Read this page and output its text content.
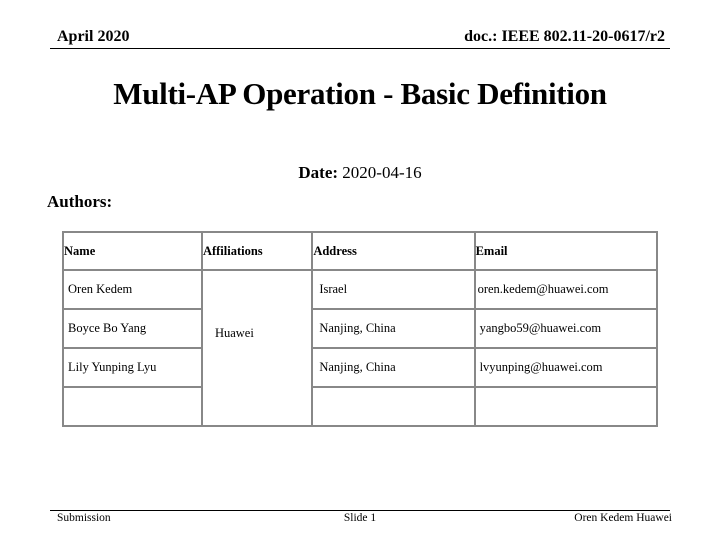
April 2020	doc.: IEEE 802.11-20-0617/r2
Multi-AP Operation - Basic Definition
Date: 2020-04-16
Authors:
Name	Affiliations	Address	Email
Oren Kedem	Huawei	Israel	oren.kedem@huawei.com
Boyce Bo Yang		Nanjing, China	yangbo59@huawei.com
Lily Yunping Lyu		Nanjing, China	lvyunping@huawei.com

Submission	Slide 1	Oren Kedem Huawei
